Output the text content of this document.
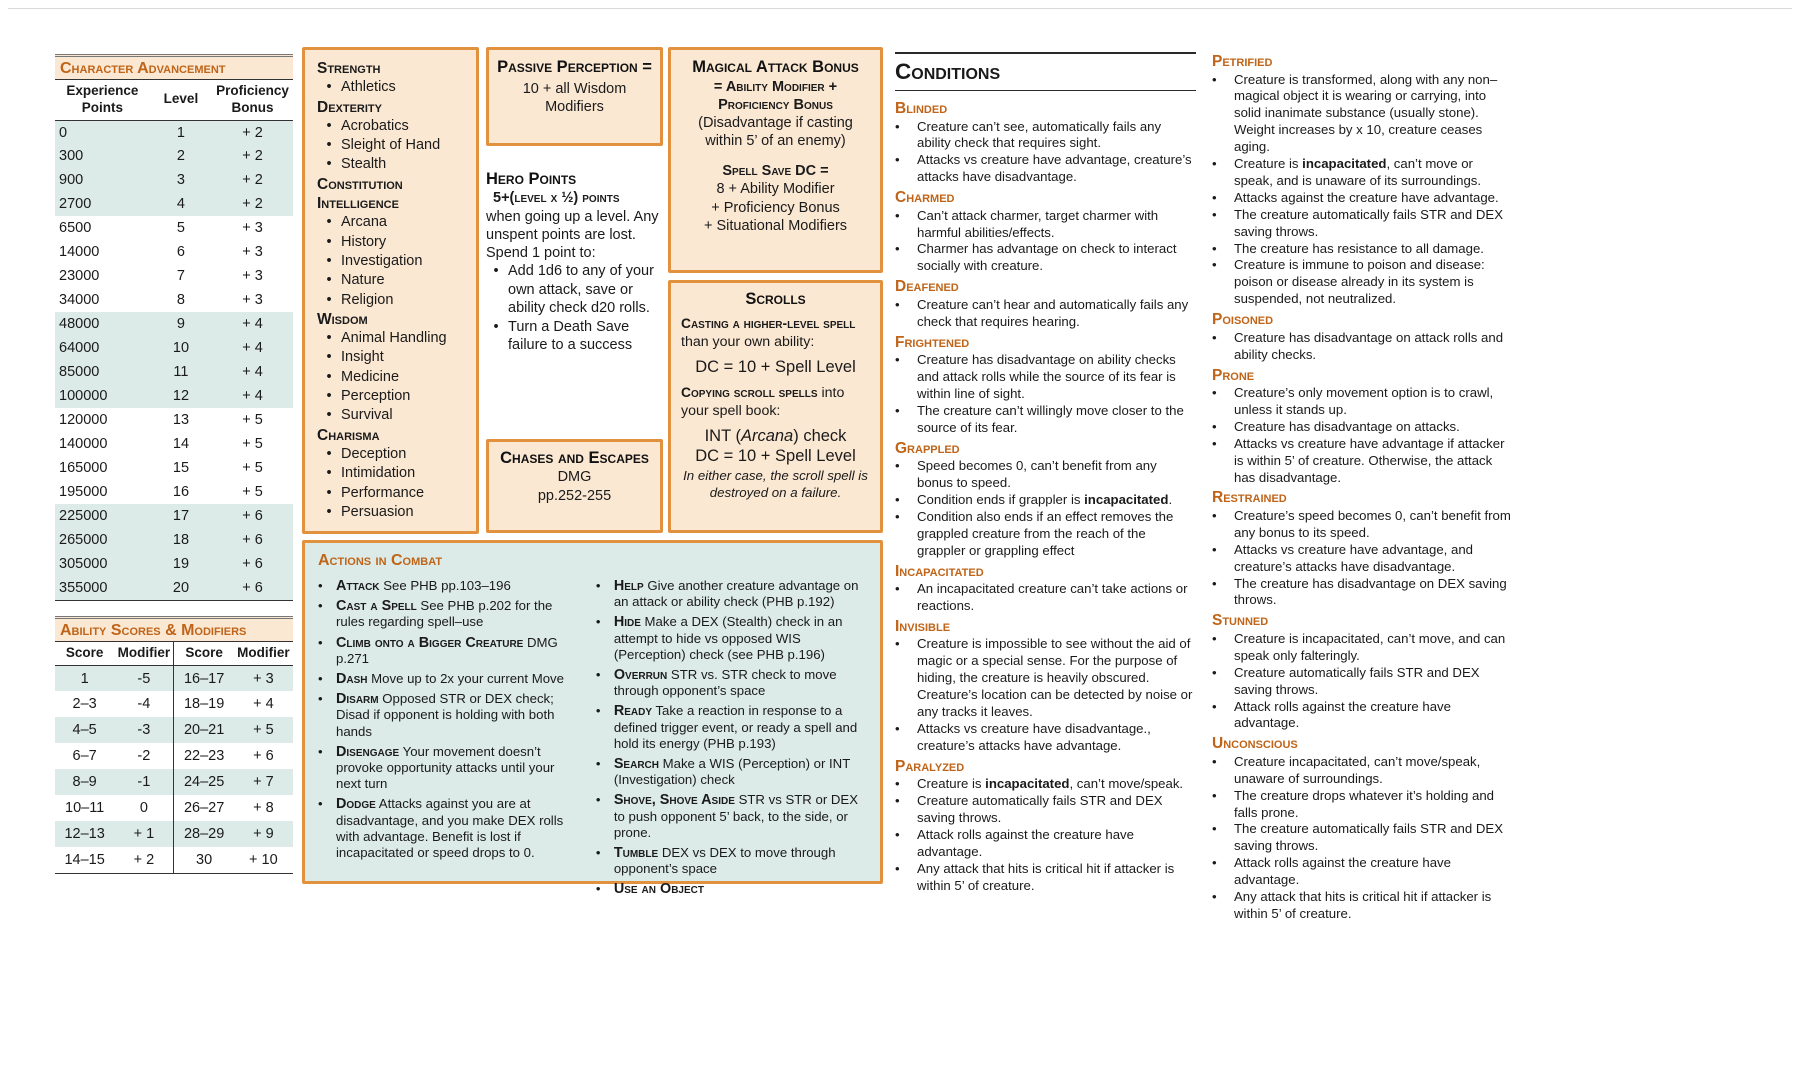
Character Advancement
Experience Points	Level	Proficiency Bonus
0	1	+ 2
300	2	+ 2
900	3	+ 2
2700	4	+ 2
6500	5	+ 3
14000	6	+ 3
23000	7	+ 3
34000	8	+ 3
48000	9	+ 4
64000	10	+ 4
85000	11	+ 4
100000	12	+ 4
120000	13	+ 5
140000	14	+ 5
165000	15	+ 5
195000	16	+ 5
225000	17	+ 6
265000	18	+ 6
305000	19	+ 6
355000	20	+ 6
Ability Scores & Modifiers
Score	Modifier	Score	Modifier
1	-5	16–17	+ 3
2–3	-4	18–19	+ 4
4–5	-3	20–21	+ 5
6–7	-2	22–23	+ 6
8–9	-1	24–25	+ 7
10–11	0	26–27	+ 8
12–13	+ 1	28–29	+ 9
14–15	+ 2	30	+ 10
Strength
• Athletics
Dexterity
• Acrobatics
• Sleight of Hand
• Stealth
Constitution
Intelligence
• Arcana
• History
• Investigation
• Nature
• Religion
Wisdom
• Animal Handling
• Insight
• Medicine
• Perception
• Survival
Charisma
• Deception
• Intimidation
• Performance
• Persuasion
Passive Perception =
10 + all Wisdom Modifiers
Hero Points
5+(level x ½) points
when going up a level. Any unspent points are lost.
Spend 1 point to:
• Add 1d6 to any of your own attack, save or ability check d20 rolls.
• Turn a Death Save failure to a success
Chases and Escapes
DMG
pp.252-255
Magical Attack Bonus
= Ability Modifier + Proficiency Bonus
(Disadvantage if casting within 5’ of an enemy)
Spell Save DC =
8 + Ability Modifier
+ Proficiency Bonus
+ Situational Modifiers
Scrolls
Casting a higher-level spell than your own ability:
DC = 10 + Spell Level
Copying scroll spells into your spell book:
INT (Arcana) check
DC = 10 + Spell Level
In either case, the scroll spell is destroyed on a failure.
Actions in Combat
• Attack See PHB pp.103–196
• Cast a Spell See PHB p.202 for the rules regarding spell–use
• Climb onto a Bigger Creature DMG p.271
• Dash Move up to 2x your current Move
• Disarm Opposed STR or DEX check; Disad if opponent is holding with both hands
• Disengage Your movement doesn’t provoke opportunity attacks until your next turn
• Dodge Attacks against you are at disadvantage, and you make DEX rolls with advantage. Benefit is lost if incapacitated or speed drops to 0.
• Help Give another creature advantage on an attack or ability check (PHB p.192)
• Hide Make a DEX (Stealth) check in an attempt to hide vs opposed WIS (Perception) check (see PHB p.196)
• Overrun STR vs. STR check to move through opponent’s space
• Ready Take a reaction in response to a defined trigger event, or ready a spell and hold its energy (PHB p.193)
• Search Make a WIS (Perception) or INT (Investigation) check
• Shove, Shove Aside STR vs STR or DEX to push opponent 5’ back, to the side, or prone.
• Tumble DEX vs DEX to move through opponent’s space
• Use an Object
Conditions
Blinded
•	Creature can’t see, automatically fails any ability check that requires sight.
•	Attacks vs creature have advantage, creature’s attacks have disadvantage.
Charmed
•	Can’t attack charmer, target charmer with harmful abilities/effects.
•	Charmer has advantage on check to interact socially with creature.
Deafened
•	Creature can’t hear and automatically fails any check that requires hearing.
Frightened
•	Creature has disadvantage on ability checks and attack rolls while the source of its fear is within line of sight.
•	The creature can’t willingly move closer to the source of its fear.
Grappled
•	Speed becomes 0, can’t benefit from any bonus to speed.
•	Condition ends if grappler is incapacitated.
•	Condition also ends if an effect removes the grappled creature from the reach of the grappler or grappling effect
Incapacitated
•	An incapacitated creature can’t take actions or reactions.
Invisible
•	Creature is impossible to see without the aid of magic or a special sense. For the purpose of hiding, the creature is heavily obscured. Creature’s location can be detected by noise or any tracks it leaves.
•	Attacks vs creature have disadvantage., creature’s attacks have advantage.
Paralyzed
•	Creature is incapacitated, can’t move/speak.
•	Creature automatically fails STR and DEX saving throws.
•	Attack rolls against the creature have advantage.
•	Any attack that hits is critical hit if attacker is within 5’ of creature.
Petrified
•	Creature is transformed, along with any non–magical object it is wearing or carrying, into solid inanimate substance (usually stone). Weight increases by x 10, creature ceases aging.
•	Creature is incapacitated, can’t move or speak, and is unaware of its surroundings.
•	Attacks against the creature have advantage.
•	The creature automatically fails STR and DEX saving throws.
•	The creature has resistance to all damage.
•	Creature is immune to poison and disease: poison or disease already in its system is suspended, not neutralized.
Poisoned
•	Creature has disadvantage on attack rolls and ability checks.
Prone
•	Creature’s only movement option is to crawl, unless it stands up.
•	Creature has disadvantage on attacks.
•	Attacks vs creature have advantage if attacker is within 5’ of creature. Otherwise, the attack has disadvantage.
Restrained
•	Creature’s speed becomes 0, can’t benefit from any bonus to its speed.
•	Attacks vs creature have advantage, and creature’s attacks have disadvantage.
•	The creature has disadvantage on DEX saving throws.
Stunned
•	Creature is incapacitated, can’t move, and can speak only falteringly.
•	Creature automatically fails STR and DEX saving throws.
•	Attack rolls against the creature have advantage.
Unconscious
•	Creature incapacitated, can’t move/speak, unaware of surroundings.
•	The creature drops whatever it’s holding and falls prone.
•	The creature automatically fails STR and DEX saving throws.
•	Attack rolls against the creature have advantage.
•	Any attack that hits is critical hit if attacker is within 5’ of creature.
